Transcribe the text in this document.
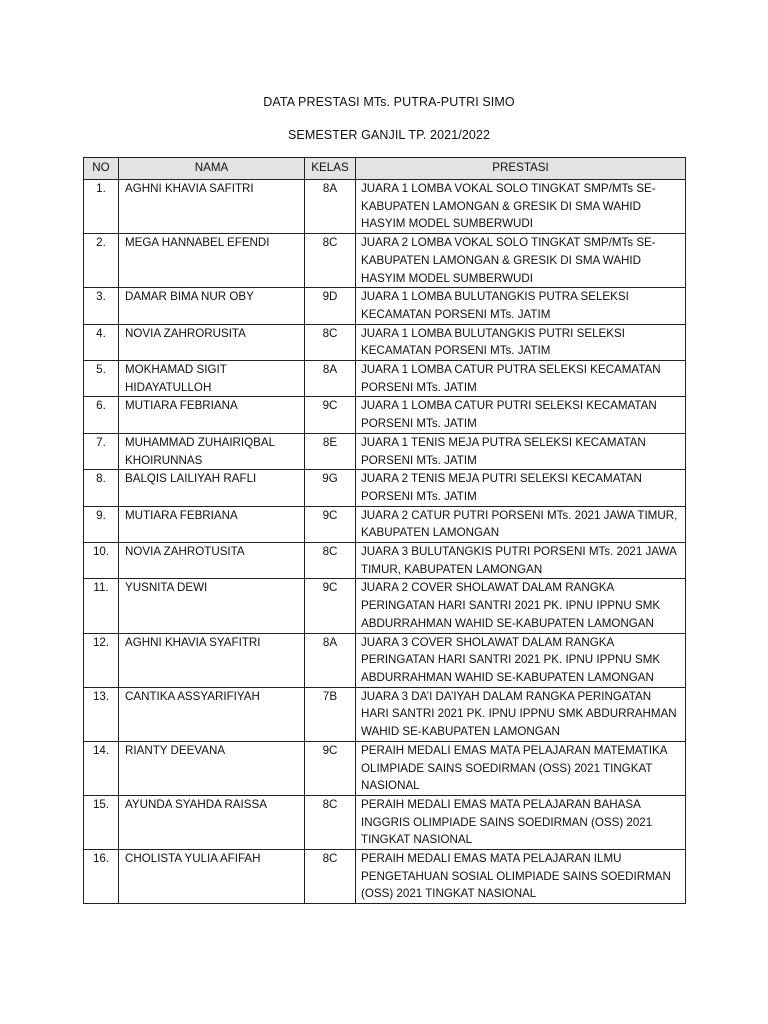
DATA PRESTASI MTs. PUTRA-PUTRI SIMO
SEMESTER GANJIL TP. 2021/2022
NO	NAMA	KELAS	PRESTASI
1.	AGHNI KHAVIA SAFITRI	8A	JUARA 1 LOMBA VOKAL SOLO TINGKAT SMP/MTs SE-KABUPATEN LAMONGAN & GRESIK DI SMA WAHID HASYIM MODEL SUMBERWUDI
2.	MEGA HANNABEL EFENDI	8C	JUARA 2 LOMBA VOKAL SOLO TINGKAT SMP/MTs SE-KABUPATEN LAMONGAN & GRESIK DI SMA WAHID HASYIM MODEL SUMBERWUDI
3.	DAMAR BIMA NUR OBY	9D	JUARA 1 LOMBA BULUTANGKIS PUTRA SELEKSI KECAMATAN PORSENI MTs. JATIM
4.	NOVIA ZAHRORUSITA	8C	JUARA 1 LOMBA BULUTANGKIS PUTRI SELEKSI KECAMATAN PORSENI MTs. JATIM
5.	MOKHAMAD SIGIT HIDAYATULLOH	8A	JUARA 1 LOMBA CATUR PUTRA SELEKSI KECAMATAN PORSENI MTs. JATIM
6.	MUTIARA FEBRIANA	9C	JUARA 1 LOMBA CATUR PUTRI SELEKSI KECAMATAN PORSENI MTs. JATIM
7.	MUHAMMAD ZUHAIRIQBAL KHOIRUNNAS	8E	JUARA 1 TENIS MEJA PUTRA SELEKSI KECAMATAN PORSENI MTs. JATIM
8.	BALQIS LAILIYAH RAFLI	9G	JUARA 2 TENIS MEJA PUTRI SELEKSI KECAMATAN PORSENI MTs. JATIM
9.	MUTIARA FEBRIANA	9C	JUARA 2 CATUR PUTRI PORSENI MTs. 2021 JAWA TIMUR, KABUPATEN LAMONGAN
10.	NOVIA ZAHROTUSITA	8C	JUARA 3 BULUTANGKIS PUTRI PORSENI MTs. 2021 JAWA TIMUR, KABUPATEN LAMONGAN
11.	YUSNITA DEWI	9C	JUARA 2 COVER SHOLAWAT DALAM RANGKA PERINGATAN HARI SANTRI 2021 PK. IPNU IPPNU SMK ABDURRAHMAN WAHID SE-KABUPATEN LAMONGAN
12.	AGHNI KHAVIA SYAFITRI	8A	JUARA 3 COVER SHOLAWAT DALAM RANGKA PERINGATAN HARI SANTRI 2021 PK. IPNU IPPNU SMK ABDURRAHMAN WAHID SE-KABUPATEN LAMONGAN
13.	CANTIKA ASSYARIFIYAH	7B	JUARA 3 DA’I DA’IYAH DALAM RANGKA PERINGATAN HARI SANTRI 2021 PK. IPNU IPPNU SMK ABDURRAHMAN WAHID SE-KABUPATEN LAMONGAN
14.	RIANTY DEEVANA	9C	PERAIH MEDALI EMAS MATA PELAJARAN MATEMATIKA OLIMPIADE SAINS SOEDIRMAN (OSS) 2021 TINGKAT NASIONAL
15.	AYUNDA SYAHDA RAISSA	8C	PERAIH MEDALI EMAS MATA PELAJARAN BAHASA INGGRIS OLIMPIADE SAINS SOEDIRMAN (OSS) 2021 TINGKAT NASIONAL
16.	CHOLISTA YULIA AFIFAH	8C	PERAIH MEDALI EMAS MATA PELAJARAN ILMU PENGETAHUAN SOSIAL OLIMPIADE SAINS SOEDIRMAN (OSS) 2021 TINGKAT NASIONAL
